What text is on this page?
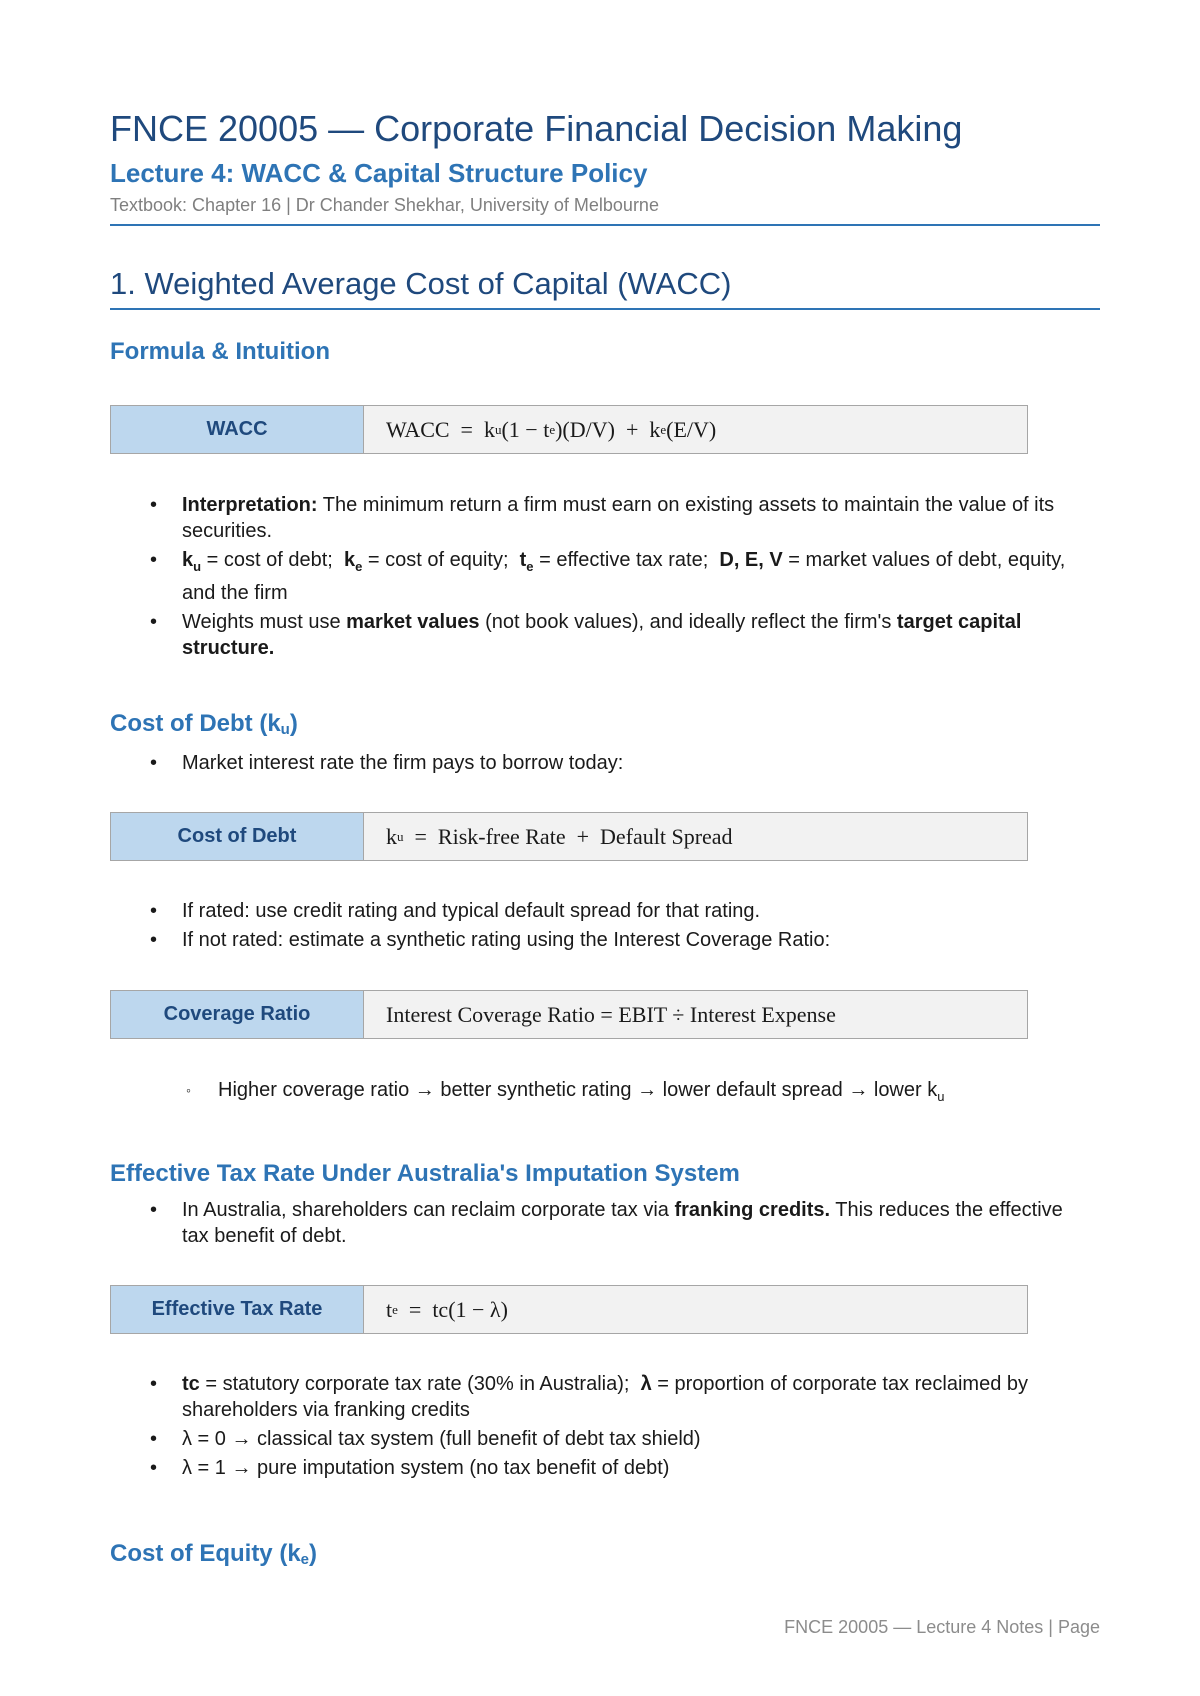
FNCE 20005 — Corporate Financial Decision Making
Lecture 4: WACC & Capital Structure Policy
Textbook: Chapter 16 | Dr Chander Shekhar, University of Melbourne
1. Weighted Average Cost of Capital (WACC)
Formula & Intuition
WACC	WACC  =  k u (1 − t e )(D/V)  +  k e (E/V)
• Interpretation: The minimum return a firm must earn on existing assets to maintain the value of its securities.
• $k_u = \cos t$ of debt;  $k_e = \cos t$ of equity;  $t_e$ = effective tax rate;  D, E, V = market values of debt, equity, and the firm
• Weights must use market values (not book values), and ideally reflect the firm's target capital structure.
Cost of Debt $(k_u)$
• Market interest rate the firm pays to borrow today:
Cost of Debt	k u =  Risk-free Rate  +  Default Spread
• If rated: use credit rating and typical default spread for that rating.
• If not rated: estimate a synthetic rating using the Interest Coverage Ratio:
Coverage Ratio	Interest Coverage Ratio = EBIT ÷ Interest Expense
◦ Higher coverage ratio → better synthetic rating → lower default spread → lower $k_u$
Effective Tax Rate Under Australia's Imputation System
• In Australia, shareholders can reclaim corporate tax via franking credits. This reduces the effective tax benefit of debt.
Effective Tax Rate	t e =  tc(1 − λ)
• tc = statutory corporate tax rate (30% in Australia);  λ = proportion of corporate tax reclaimed by shareholders via franking credits
• λ = 0 → classical tax system (full benefit of debt tax shield)
• λ = 1 → pure imputation system (no tax benefit of debt)
Cost of Equity $(k_e)$
FNCE 20005 — Lecture 4 Notes | Page
